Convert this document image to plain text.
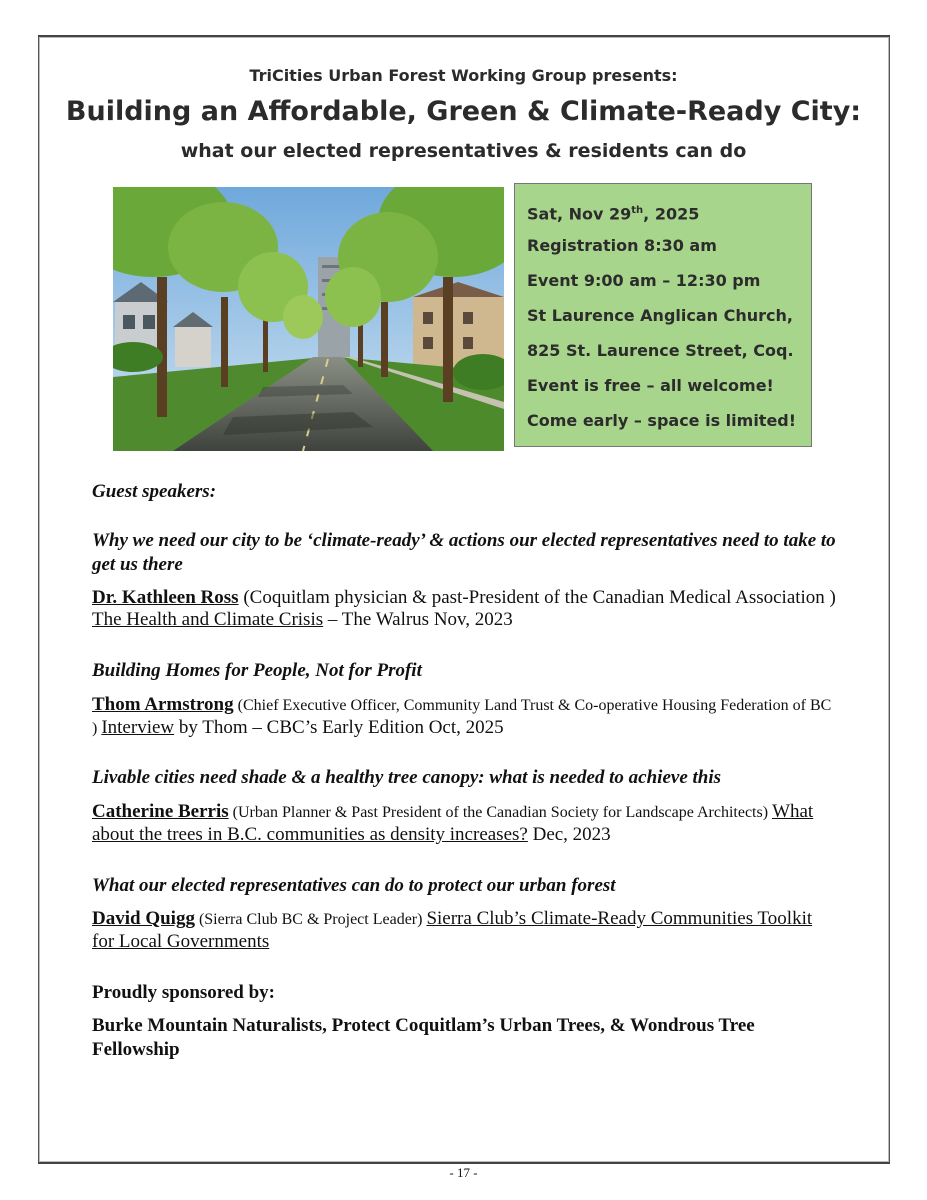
TriCities Urban Forest Working Group presents:
Building an Affordable, Green & Climate-Ready City:
what our elected representatives & residents can do
Sat, Nov 29th, 2025
Registration 8:30 am
Event 9:00 am – 12:30 pm
St Laurence Anglican Church,
825 St. Laurence Street, Coq.
Event is free – all welcome!
Come early – space is limited!
Guest speakers:
Why we need our city to be ‘climate-ready’ & actions our elected representatives need to take to get us there
Dr. Kathleen Ross (Coquitlam physician & past-President of the Canadian Medical Association ) The Health and Climate Crisis – The Walrus Nov, 2023
Building Homes for People, Not for Profit
Thom Armstrong (Chief Executive Officer, Community Land Trust & Co-operative Housing Federation of BC ) Interview by Thom – CBC’s Early Edition Oct, 2025
Livable cities need shade & a healthy tree canopy: what is needed to achieve this
Catherine Berris (Urban Planner & Past President of the Canadian Society for Landscape Architects) What about the trees in B.C. communities as density increases? Dec, 2023
What our elected representatives can do to protect our urban forest
David Quigg (Sierra Club BC & Project Leader) Sierra Club’s Climate-Ready Communities Toolkit for Local Governments
Proudly sponsored by:
Burke Mountain Naturalists, Protect Coquitlam’s Urban Trees, & Wondrous Tree Fellowship
- 17 -
